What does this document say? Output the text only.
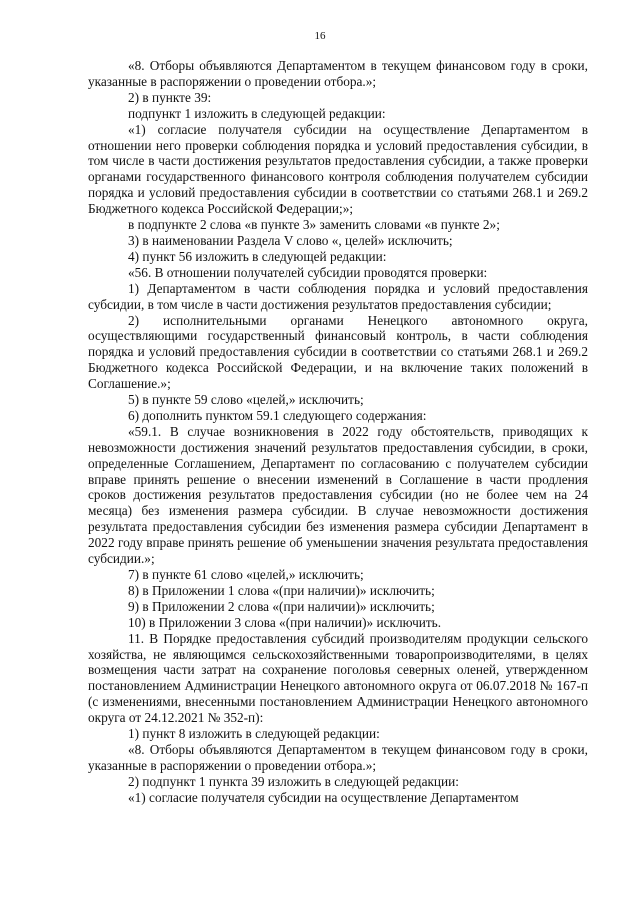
16

«8. Отборы объявляются Департаментом в текущем финансовом году в сроки, указанные в распоряжении о проведении отбора.»;

2) в пункте 39:

подпункт 1 изложить в следующей редакции:

«1) согласие получателя субсидии на осуществление Департаментом в отношении него проверки соблюдения порядка и условий предоставления субсидии, в том числе в части достижения результатов предоставления субсидии, а также проверки органами государственного финансового контроля соблюдения получателем субсидии порядка и условий предоставления субсидии в соответствии со статьями 268.1 и 269.2 Бюджетного кодекса Российской Федерации;»;

в подпункте 2 слова «в пункте 3» заменить словами «в пункте 2»;

3) в наименовании Раздела V слово «, целей» исключить;

4) пункт 56 изложить в следующей редакции:

«56. В отношении получателей субсидии проводятся проверки:

1) Департаментом в части соблюдения порядка и условий предоставления субсидии, в том числе в части достижения результатов предоставления субсидии;

2) исполнительными органами Ненецкого автономного округа, осуществляющими государственный финансовый контроль, в части соблюдения порядка и условий предоставления субсидии в соответствии со статьями 268.1 и 269.2 Бюджетного кодекса Российской Федерации, и на включение таких положений в Соглашение.»;

5) в пункте 59 слово «целей,» исключить;

6) дополнить пунктом 59.1 следующего содержания:

«59.1. В случае возникновения в 2022 году обстоятельств, приводящих к невозможности достижения значений результатов предоставления субсидии, в сроки, определенные Соглашением, Департамент по согласованию с получателем субсидии вправе принять решение о внесении изменений в Соглашение в части продления сроков достижения результатов предоставления субсидии (но не более чем на 24 месяца) без изменения размера субсидии. В случае невозможности достижения результата предоставления субсидии без изменения размера субсидии Департамент в 2022 году вправе принять решение об уменьшении значения результата предоставления субсидии.»;

7) в пункте 61 слово «целей,» исключить;

8) в Приложении 1 слова «(при наличии)» исключить;

9) в Приложении 2 слова «(при наличии)» исключить;

10) в Приложении 3 слова «(при наличии)» исключить.

11. В Порядке предоставления субсидий производителям продукции сельского хозяйства, не являющимся сельскохозяйственными товаропроизводителями, в целях возмещения части затрат на сохранение поголовья северных оленей, утвержденном постановлением Администрации Ненецкого автономного округа от 06.07.2018 № 167-п (с изменениями, внесенными постановлением Администрации Ненецкого автономного округа от 24.12.2021 № 352-п):

1) пункт 8 изложить в следующей редакции:

«8. Отборы объявляются Департаментом в текущем финансовом году в сроки, указанные в распоряжении о проведении отбора.»;

2) подпункт 1 пункта 39 изложить в следующей редакции:

«1) согласие получателя субсидии на осуществление Департаментом
